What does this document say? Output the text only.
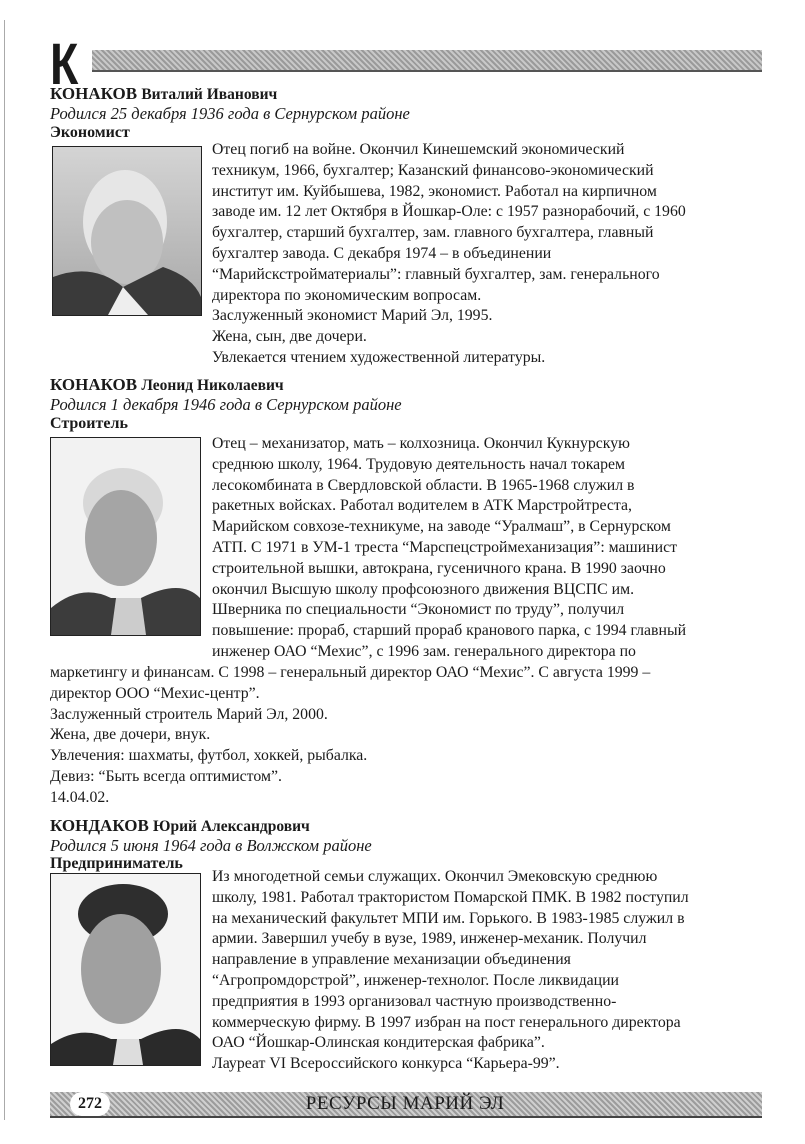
К
КОНАКОВ Виталий Иванович
Родился 25 декабря 1936 года в Сернурском районе
Экономист
Отец погиб на войне. Окончил Кинешемский экономический
техникум, 1966, бухгалтер; Казанский финансово-экономический
институт им. Куйбышева, 1982, экономист. Работал на кирпичном
заводе им. 12 лет Октября в Йошкар-Оле: с 1957 разнорабочий, с 1960
бухгалтер, старший бухгалтер, зам. главного бухгалтера, главный
бухгалтер завода. С декабря 1974 – в объединении
“Марийскстройматериалы”: главный бухгалтер, зам. генерального
директора по экономическим вопросам.
Заслуженный экономист Марий Эл, 1995.
Жена, сын, две дочери.
Увлекается чтением художественной литературы.
КОНАКОВ Леонид Николаевич
Родился 1 декабря 1946 года в Сернурском районе
Строитель
Отец – механизатор, мать – колхозница. Окончил Кукнурскую
среднюю школу, 1964. Трудовую деятельность начал токарем
лесокомбината в Свердловской области. В 1965-1968 служил в
ракетных войсках. Работал водителем в АТК Марстройтреста,
Марийском совхозе-техникуме, на заводе “Уралмаш”, в Сернурском
АТП. С 1971 в УМ-1 треста “Марспецстроймеханизация”: машинист
строительной вышки, автокрана, гусеничного крана. В 1990 заочно
окончил Высшую школу профсоюзного движения ВЦСПС им.
Шверника по специальности “Экономист по труду”, получил
повышение: прораб, старший прораб кранового парка, с 1994 главный
инженер ОАО “Мехис”, с 1996 зам. генерального директора по
маркетингу и финансам. С 1998 – генеральный директор ОАО “Мехис”. С августа 1999 –
директор ООО “Мехис-центр”.
Заслуженный строитель Марий Эл, 2000.
Жена, две дочери, внук.
Увлечения: шахматы, футбол, хоккей, рыбалка.
Девиз: “Быть всегда оптимистом”.
14.04.02.
КОНДАКОВ Юрий Александрович
Родился 5 июня 1964 года в Волжском районе
Предприниматель
Из многодетной семьи служащих. Окончил Эмековскую среднюю
школу, 1981. Работал трактористом Помарской ПМК. В 1982 поступил
на механический факультет МПИ им. Горького. В 1983-1985 служил в
армии. Завершил учебу в вузе, 1989, инженер-механик. Получил
направление в управление механизации объединения
“Агропромдорстрой”, инженер-технолог. После ликвидации
предприятия в 1993 организовал частную производственно-
коммерческую фирму. В 1997 избран на пост генерального директора
ОАО “Йошкар-Олинская кондитерская фабрика”.
Лауреат VI Всероссийского конкурса “Карьера-99”.
272	РЕСУРСЫ МАРИЙ ЭЛ
